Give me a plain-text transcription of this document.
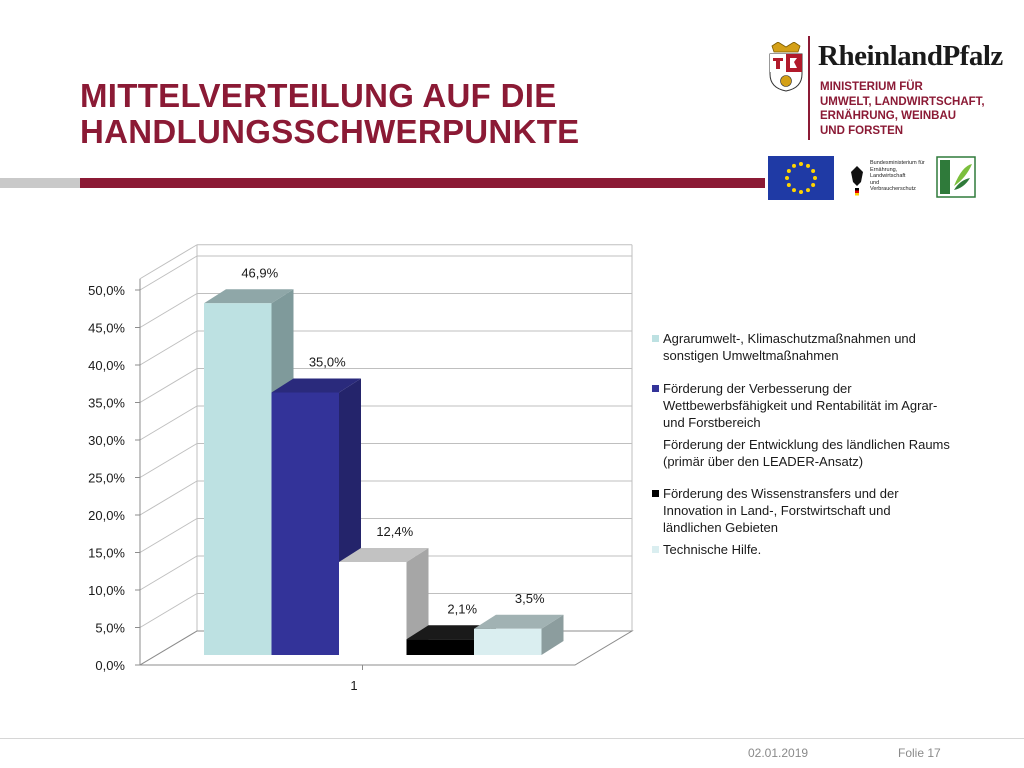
MITTELVERTEILUNG AUF DIE
HANDLUNGSSCHWERPUNKTE
RheinlandPfalz
MINISTERIUM FÜR
UMWELT, LANDWIRTSCHAFT,
ERNÄHRUNG, WEINBAU
UND FORSTEN
Bundesministerium für
Ernährung, Landwirtschaft
und Verbraucherschutz
0,0%
5,0%
10,0%
15,0%
20,0%
25,0%
30,0%
35,0%
40,0%
45,0%
50,0%
46,9%
35,0%
12,4%
2,1%
3,5%
1
Agrarumwelt-, Klimaschutzmaßnahmen und sonstigen Umweltmaßnahmen
Förderung der Verbesserung der Wettbewerbsfähigkeit und Rentabilität im Agrar- und Forstbereich
Förderung der Entwicklung des ländlichen Raums (primär über den LEADER-Ansatz)
Förderung des Wissenstransfers und der Innovation in Land-, Forstwirtschaft und ländlichen Gebieten
Technische Hilfe.
02.01.2019	Folie 17
